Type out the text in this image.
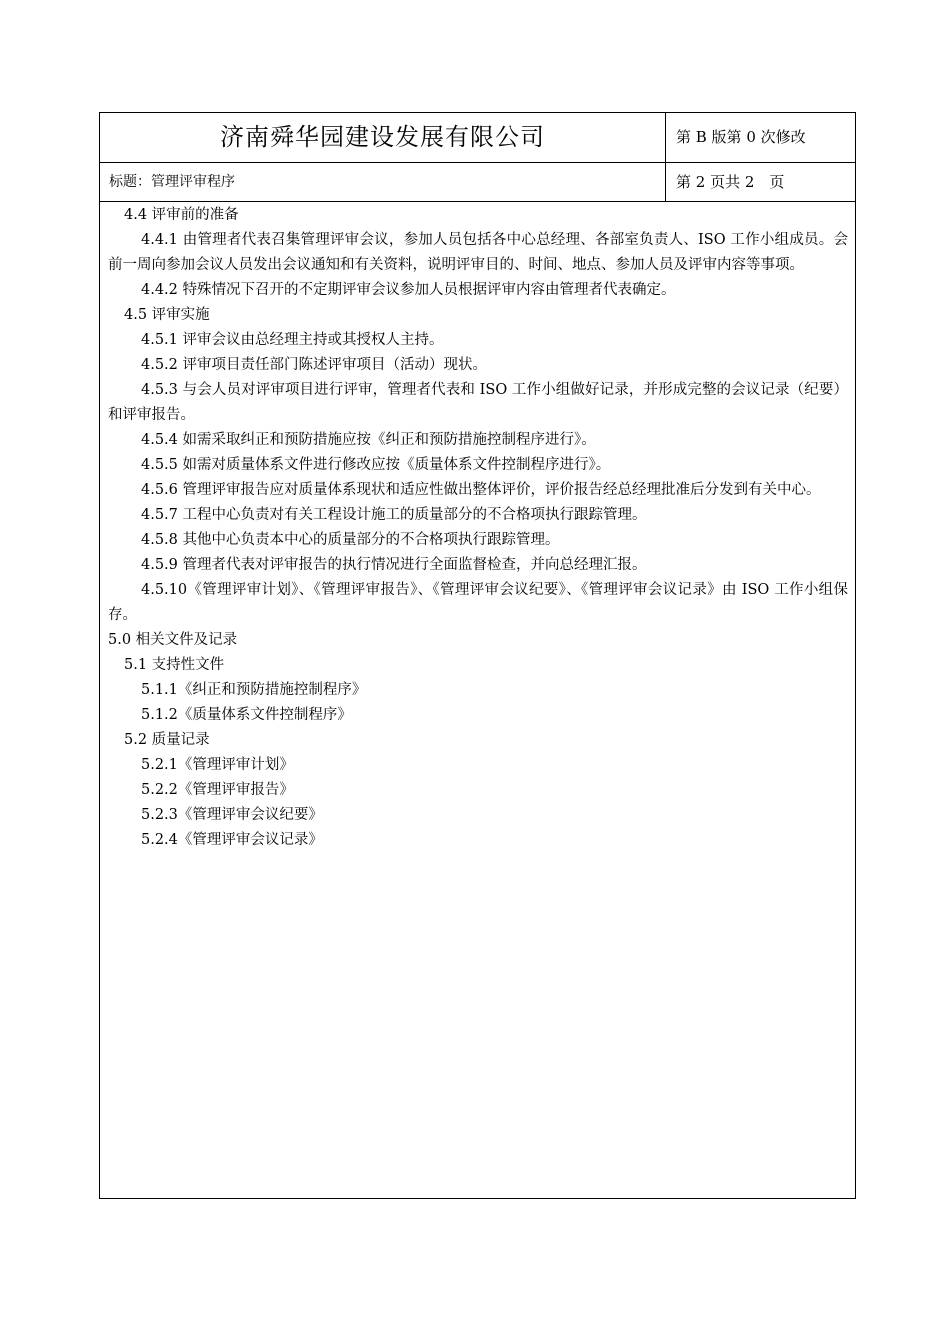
济南舜华园建设发展有限公司	第 B 版第 0 次修改
标题：管理评审程序	第 2 页共 2　页

4.4 评审前的准备

4.4.1 由管理者代表召集管理评审会议，参加人员包括各中心总经理、各部室负责人、ISO 工作小组成员。会前一周向参加会议人员发出会议通知和有关资料，说明评审目的、时间、地点、参加人员及评审内容等事项。

4.4.2 特殊情况下召开的不定期评审会议参加人员根据评审内容由管理者代表确定。

4.5 评审实施

4.5.1 评审会议由总经理主持或其授权人主持。

4.5.2 评审项目责任部门陈述评审项目（活动）现状。

4.5.3 与会人员对评审项目进行评审，管理者代表和 ISO 工作小组做好记录，并形成完整的会议记录（纪要）和评审报告。

4.5.4 如需采取纠正和预防措施应按《纠正和预防措施控制程序进行》。

4.5.5 如需对质量体系文件进行修改应按《质量体系文件控制程序进行》。

4.5.6 管理评审报告应对质量体系现状和适应性做出整体评价，评价报告经总经理批准后分发到有关中心。

4.5.7 工程中心负责对有关工程设计施工的质量部分的不合格项执行跟踪管理。

4.5.8 其他中心负责本中心的质量部分的不合格项执行跟踪管理。

4.5.9 管理者代表对评审报告的执行情况进行全面监督检查，并向总经理汇报。

4.5.10《管理评审计划》、《管理评审报告》、《管理评审会议纪要》、《管理评审会议记录》由 ISO 工作小组保存。

5.0 相关文件及记录

5.1 支持性文件

5.1.1《纠正和预防措施控制程序》

5.1.2《质量体系文件控制程序》

5.2 质量记录

5.2.1《管理评审计划》

5.2.2《管理评审报告》

5.2.3《管理评审会议纪要》

5.2.4《管理评审会议记录》
